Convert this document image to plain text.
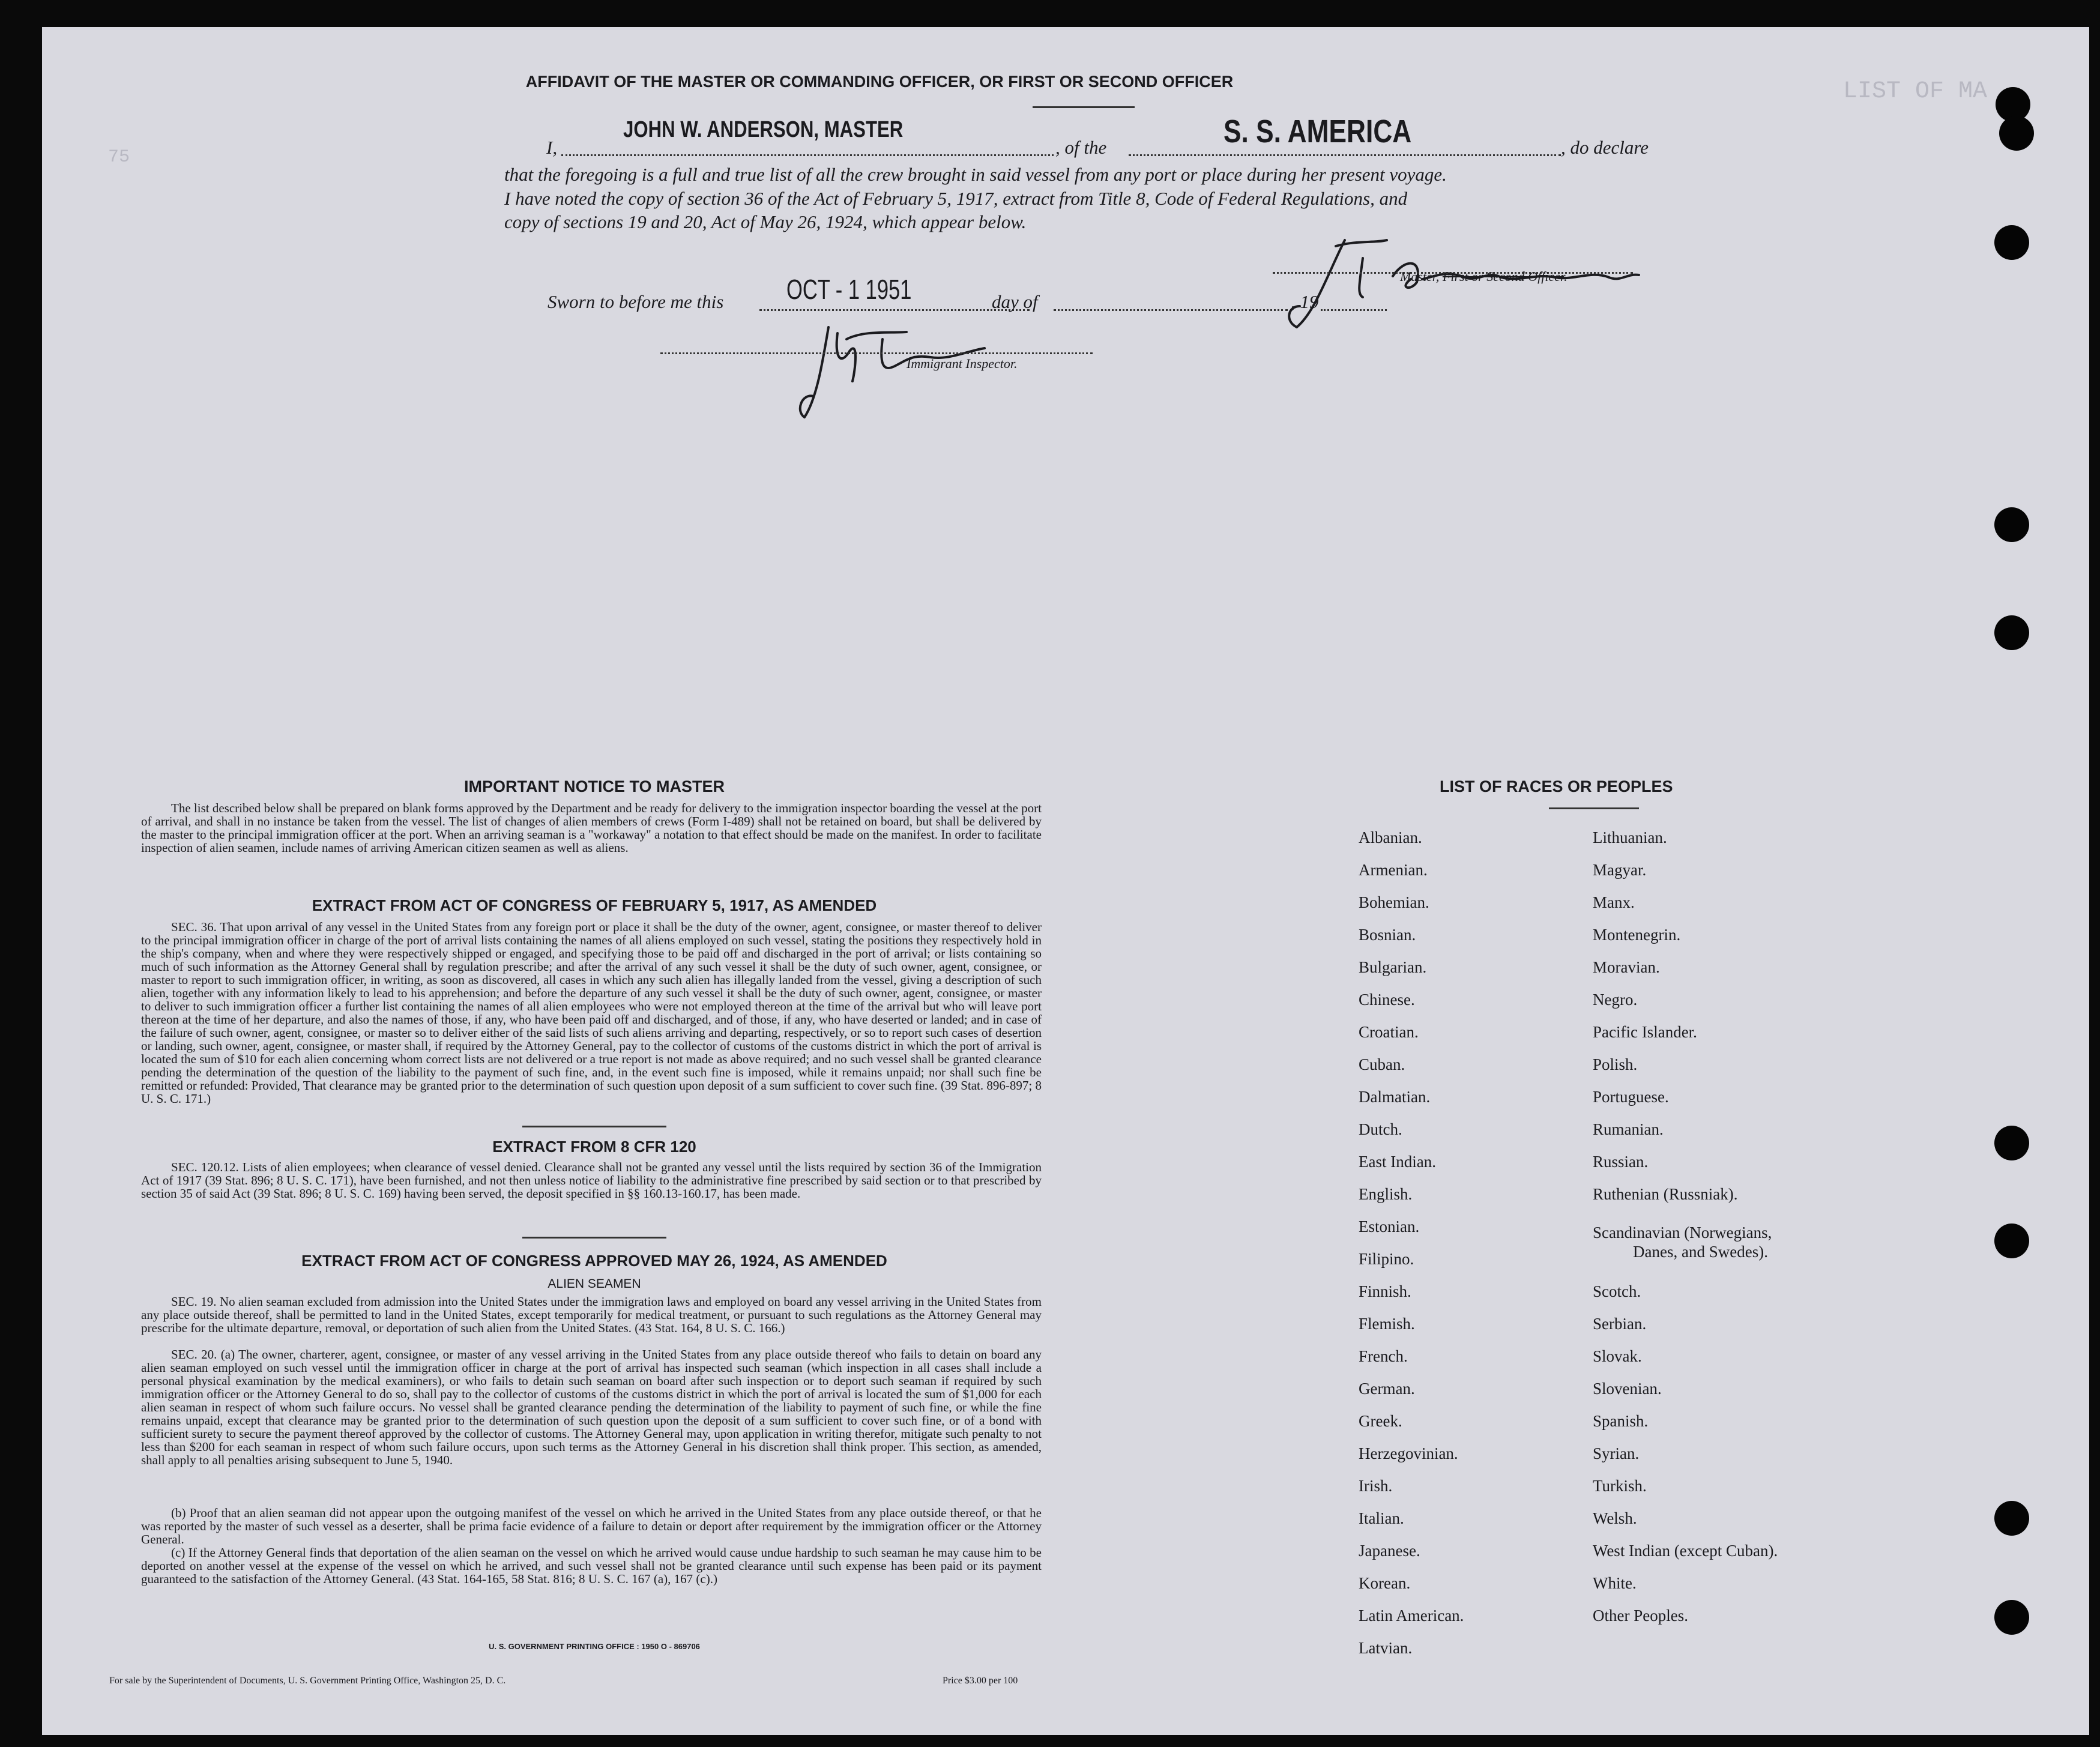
75
LIST OF MA
AFFIDAVIT OF THE MASTER OR COMMANDING OFFICER, OR FIRST OR SECOND OFFICER
I,
JOHN W. ANDERSON, MASTER
, of the	S. S. AMERICA	, do declare
that the foregoing is a full and true list of all the crew brought in said vessel from any port or place during her present voyage.
I have noted the copy of section 36 of the Act of February 5, 1917, extract from Title 8, Code of Federal Regulations, and
copy of sections 19 and 20, Act of May 26, 1924, which appear below.
Master, First or Second Officer.
Sworn to before me this OCT - 1 1951	day of	, 19
Immigrant Inspector.
IMPORTANT NOTICE TO MASTER
The list described below shall be prepared on blank forms approved by the Department and be ready for delivery to the immigration inspector boarding the vessel at the port of arrival, and shall in no instance be taken from the vessel. The list of changes of alien members of crews (Form I-489) shall not be retained on board, but shall be delivered by the master to the principal immigration officer at the port. When an arriving seaman is a "workaway" a notation to that effect should be made on the manifest. In order to facilitate inspection of alien seamen, include names of arriving American citizen seamen as well as aliens.
EXTRACT FROM ACT OF CONGRESS OF FEBRUARY 5, 1917, AS AMENDED
SEC. 36. That upon arrival of any vessel in the United States from any foreign port or place it shall be the duty of the owner, agent, consignee, or master thereof to deliver to the principal immigration officer in charge of the port of arrival lists containing the names of all aliens employed on such vessel, stating the positions they respectively hold in the ship's company, when and where they were respectively shipped or engaged, and specifying those to be paid off and discharged in the port of arrival; or lists containing so much of such information as the Attorney General shall by regulation prescribe; and after the arrival of any such vessel it shall be the duty of such owner, agent, consignee, or master to report to such immigration officer, in writing, as soon as discovered, all cases in which any such alien has illegally landed from the vessel, giving a description of such alien, together with any information likely to lead to his apprehension; and before the departure of any such vessel it shall be the duty of such owner, agent, consignee, or master to deliver to such immigration officer a further list containing the names of all alien employees who were not employed thereon at the time of the arrival but who will leave port thereon at the time of her departure, and also the names of those, if any, who have been paid off and discharged, and of those, if any, who have deserted or landed; and in case of the failure of such owner, agent, consignee, or master so to deliver either of the said lists of such aliens arriving and departing, respectively, or so to report such cases of desertion or landing, such owner, agent, consignee, or master shall, if required by the Attorney General, pay to the collector of customs of the customs district in which the port of arrival is located the sum of $10 for each alien concerning whom correct lists are not delivered or a true report is not made as above required; and no such vessel shall be granted clearance pending the determination of the question of the liability to the payment of such fine, and, in the event such fine is imposed, while it remains unpaid; nor shall such fine be remitted or refunded: Provided, That clearance may be granted prior to the determination of such question upon deposit of a sum sufficient to cover such fine. (39 Stat. 896-897; 8 U. S. C. 171.)
EXTRACT FROM 8 CFR 120
SEC. 120.12. Lists of alien employees; when clearance of vessel denied. Clearance shall not be granted any vessel until the lists required by section 36 of the Immigration Act of 1917 (39 Stat. 896; 8 U. S. C. 171), have been furnished, and not then unless notice of liability to the administrative fine prescribed by said section or to that prescribed by section 35 of said Act (39 Stat. 896; 8 U. S. C. 169) having been served, the deposit specified in §§ 160.13-160.17, has been made.
EXTRACT FROM ACT OF CONGRESS APPROVED MAY 26, 1924, AS AMENDED
ALIEN SEAMEN
SEC. 19. No alien seaman excluded from admission into the United States under the immigration laws and employed on board any vessel arriving in the United States from any place outside thereof, shall be permitted to land in the United States, except temporarily for medical treatment, or pursuant to such regulations as the Attorney General may prescribe for the ultimate departure, removal, or deportation of such alien from the United States. (43 Stat. 164, 8 U. S. C. 166.)
SEC. 20. (a) The owner, charterer, agent, consignee, or master of any vessel arriving in the United States from any place outside thereof who fails to detain on board any alien seaman employed on such vessel until the immigration officer in charge at the port of arrival has inspected such seaman (which inspection in all cases shall include a personal physical examination by the medical examiners), or who fails to detain such seaman on board after such inspection or to deport such seaman if required by such immigration officer or the Attorney General to do so, shall pay to the collector of customs of the customs district in which the port of arrival is located the sum of $1,000 for each alien seaman in respect of whom such failure occurs. No vessel shall be granted clearance pending the determination of the liability to payment of such fine, or while the fine remains unpaid, except that clearance may be granted prior to the determination of such question upon the deposit of a sum sufficient to cover such fine, or of a bond with sufficient surety to secure the payment thereof approved by the collector of customs. The Attorney General may, upon application in writing therefor, mitigate such penalty to not less than $200 for each seaman in respect of whom such failure occurs, upon such terms as the Attorney General in his discretion shall think proper. This section, as amended, shall apply to all penalties arising subsequent to June 5, 1940.
(b) Proof that an alien seaman did not appear upon the outgoing manifest of the vessel on which he arrived in the United States from any place outside thereof, or that he was reported by the master of such vessel as a deserter, shall be prima facie evidence of a failure to detain or deport after requirement by the immigration officer or the Attorney General.
(c) If the Attorney General finds that deportation of the alien seaman on the vessel on which he arrived would cause undue hardship to such seaman he may cause him to be deported on another vessel at the expense of the vessel on which he arrived, and such vessel shall not be granted clearance until such expense has been paid or its payment guaranteed to the satisfaction of the Attorney General. (43 Stat. 164-165, 58 Stat. 816; 8 U. S. C. 167 (a), 167 (c).)
U. S. GOVERNMENT PRINTING OFFICE : 1950 O - 869706
For sale by the Superintendent of Documents, U. S. Government Printing Office, Washington 25, D. C.	Price $3.00 per 100
LIST OF RACES OR PEOPLES
Albanian.
Armenian.
Bohemian.
Bosnian.
Bulgarian.
Chinese.
Croatian.
Cuban.
Dalmatian.
Dutch.
East Indian.
English.
Estonian.
Filipino.
Finnish.
Flemish.
French.
German.
Greek.
Herzegovinian.
Irish.
Italian.
Japanese.
Korean.
Latin American.
Latvian.
Lithuanian.
Magyar.
Manx.
Montenegrin.
Moravian.
Negro.
Pacific Islander.
Polish.
Portuguese.
Rumanian.
Russian.
Ruthenian (Russniak).
Scandinavian (Norwegians,
Danes, and Swedes).
Scotch.
Serbian.
Slovak.
Slovenian.
Spanish.
Syrian.
Turkish.
Welsh.
West Indian (except Cuban).
White.
Other Peoples.
